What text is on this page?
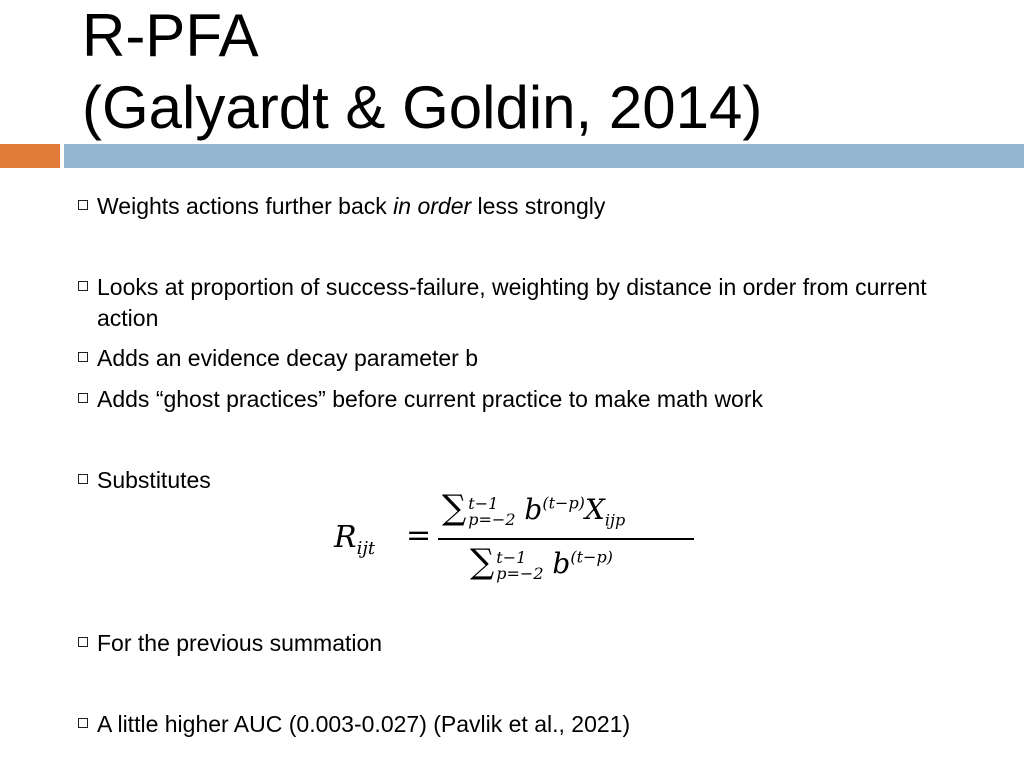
R-PFA
(Galyardt & Goldin, 2014)
Weights actions further back in order less strongly
Looks at proportion of success-failure, weighting by distance in order from current action
Adds an evidence decay parameter b
Adds “ghost practices” before current practice to make math work
Substitutes
$R_{ijt}$ =
∑ t−1
p=−2 $b^{(t-p)}X_{ijp}$
∑ t−1
p=−2 $b^{(t-p)}$
For the previous summation
A little higher AUC (0.003-0.027) (Pavlik et al., 2021)
